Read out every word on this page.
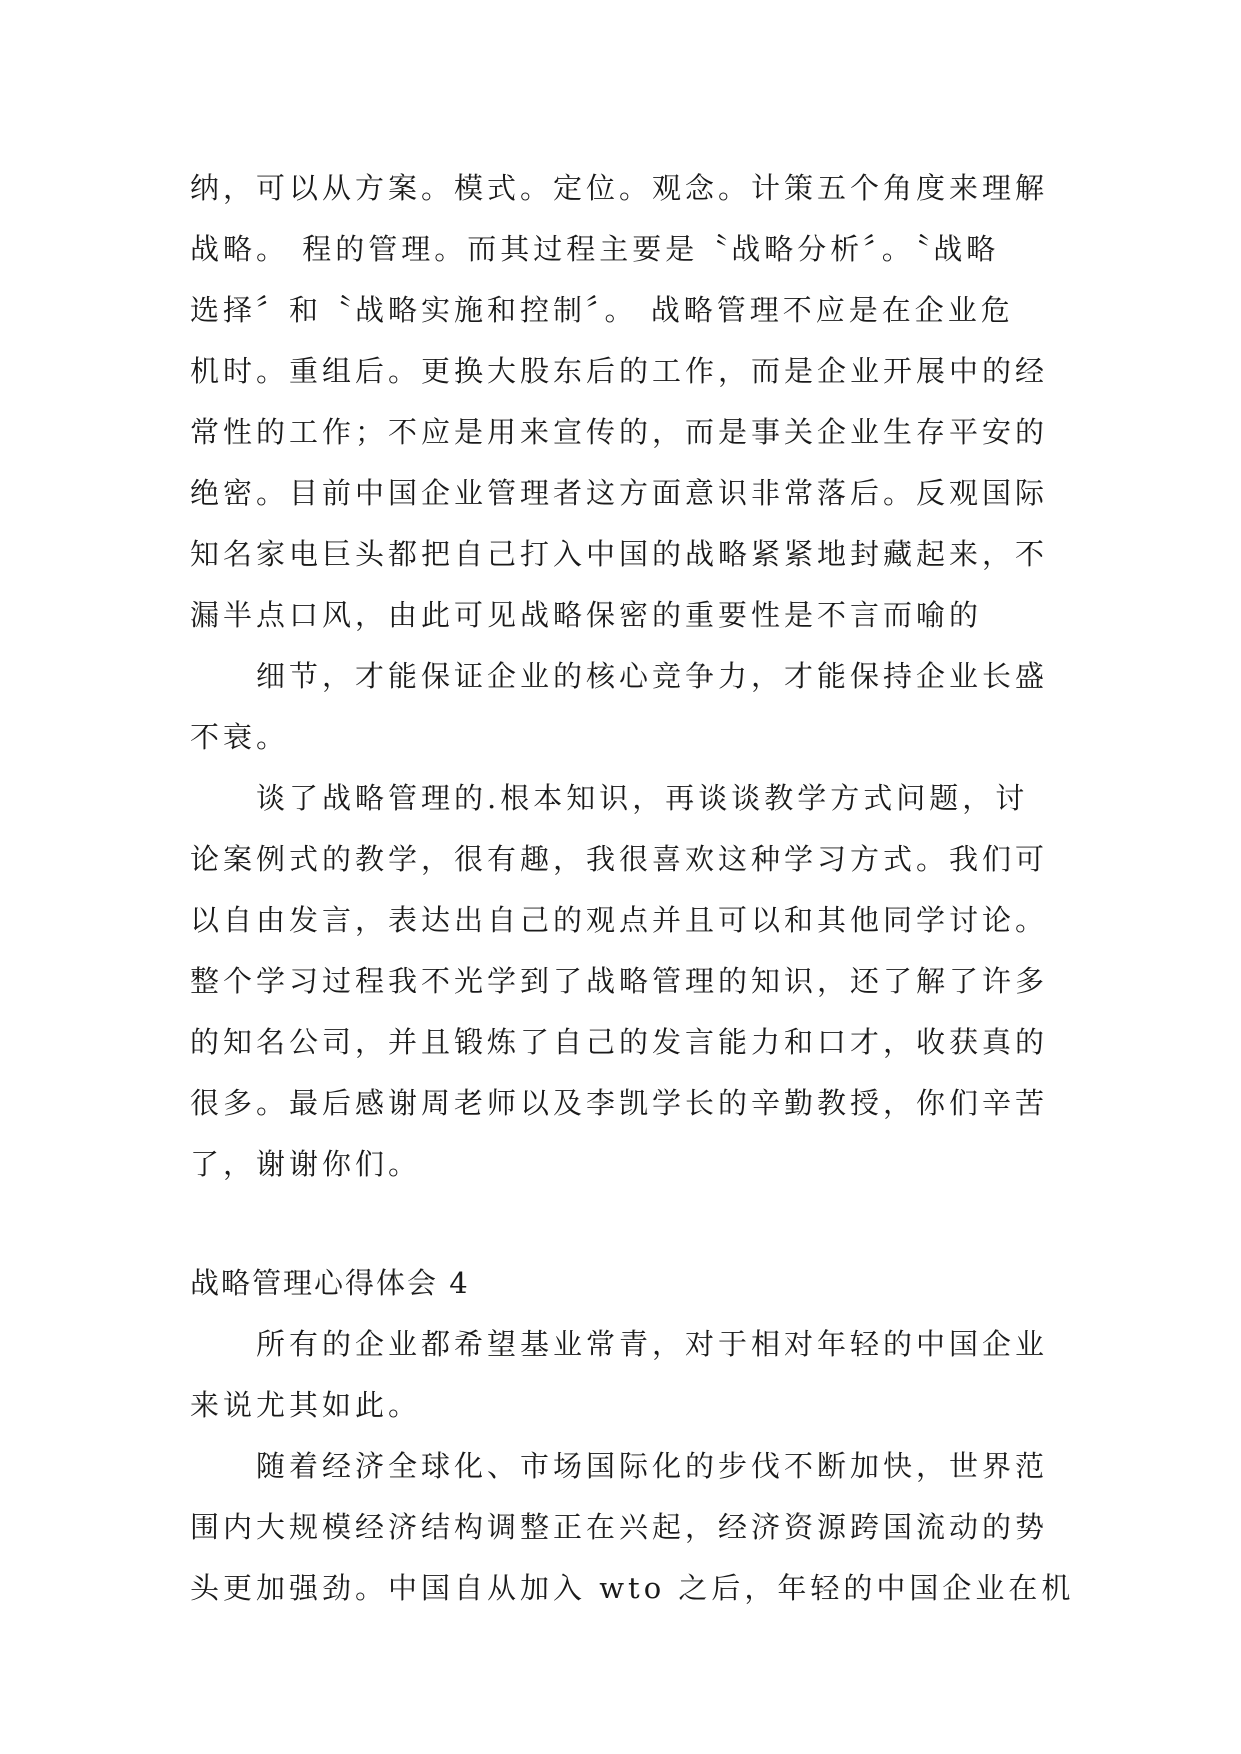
纳，可以从方案。模式。定位。观念。计策五个角度来理解
战略。 程的管理。而其过程主要是〝战略分析〞。〝战略
选择〞和〝战略实施和控制〞。 战略管理不应是在企业危
机时。重组后。更换大股东后的工作，而是企业开展中的经
常性的工作；不应是用来宣传的，而是事关企业生存平安的
绝密。目前中国企业管理者这方面意识非常落后。反观国际
知名家电巨头都把自己打入中国的战略紧紧地封藏起来，不
漏半点口风，由此可见战略保密的重要性是不言而喻的
细节，才能保证企业的核心竞争力，才能保持企业长盛
不衰。
谈了战略管理的.根本知识，再谈谈教学方式问题，讨
论案例式的教学，很有趣，我很喜欢这种学习方式。我们可
以自由发言，表达出自己的观点并且可以和其他同学讨论。
整个学习过程我不光学到了战略管理的知识，还了解了许多
的知名公司，并且锻炼了自己的发言能力和口才，收获真的
很多。最后感谢周老师以及李凯学长的辛勤教授，你们辛苦
了，谢谢你们。
战略管理心得体会 4
所有的企业都希望基业常青，对于相对年轻的中国企业
来说尤其如此。
随着经济全球化、市场国际化的步伐不断加快，世界范
围内大规模经济结构调整正在兴起，经济资源跨国流动的势
头更加强劲。中国自从加入 wto 之后，年轻的中国企业在机
